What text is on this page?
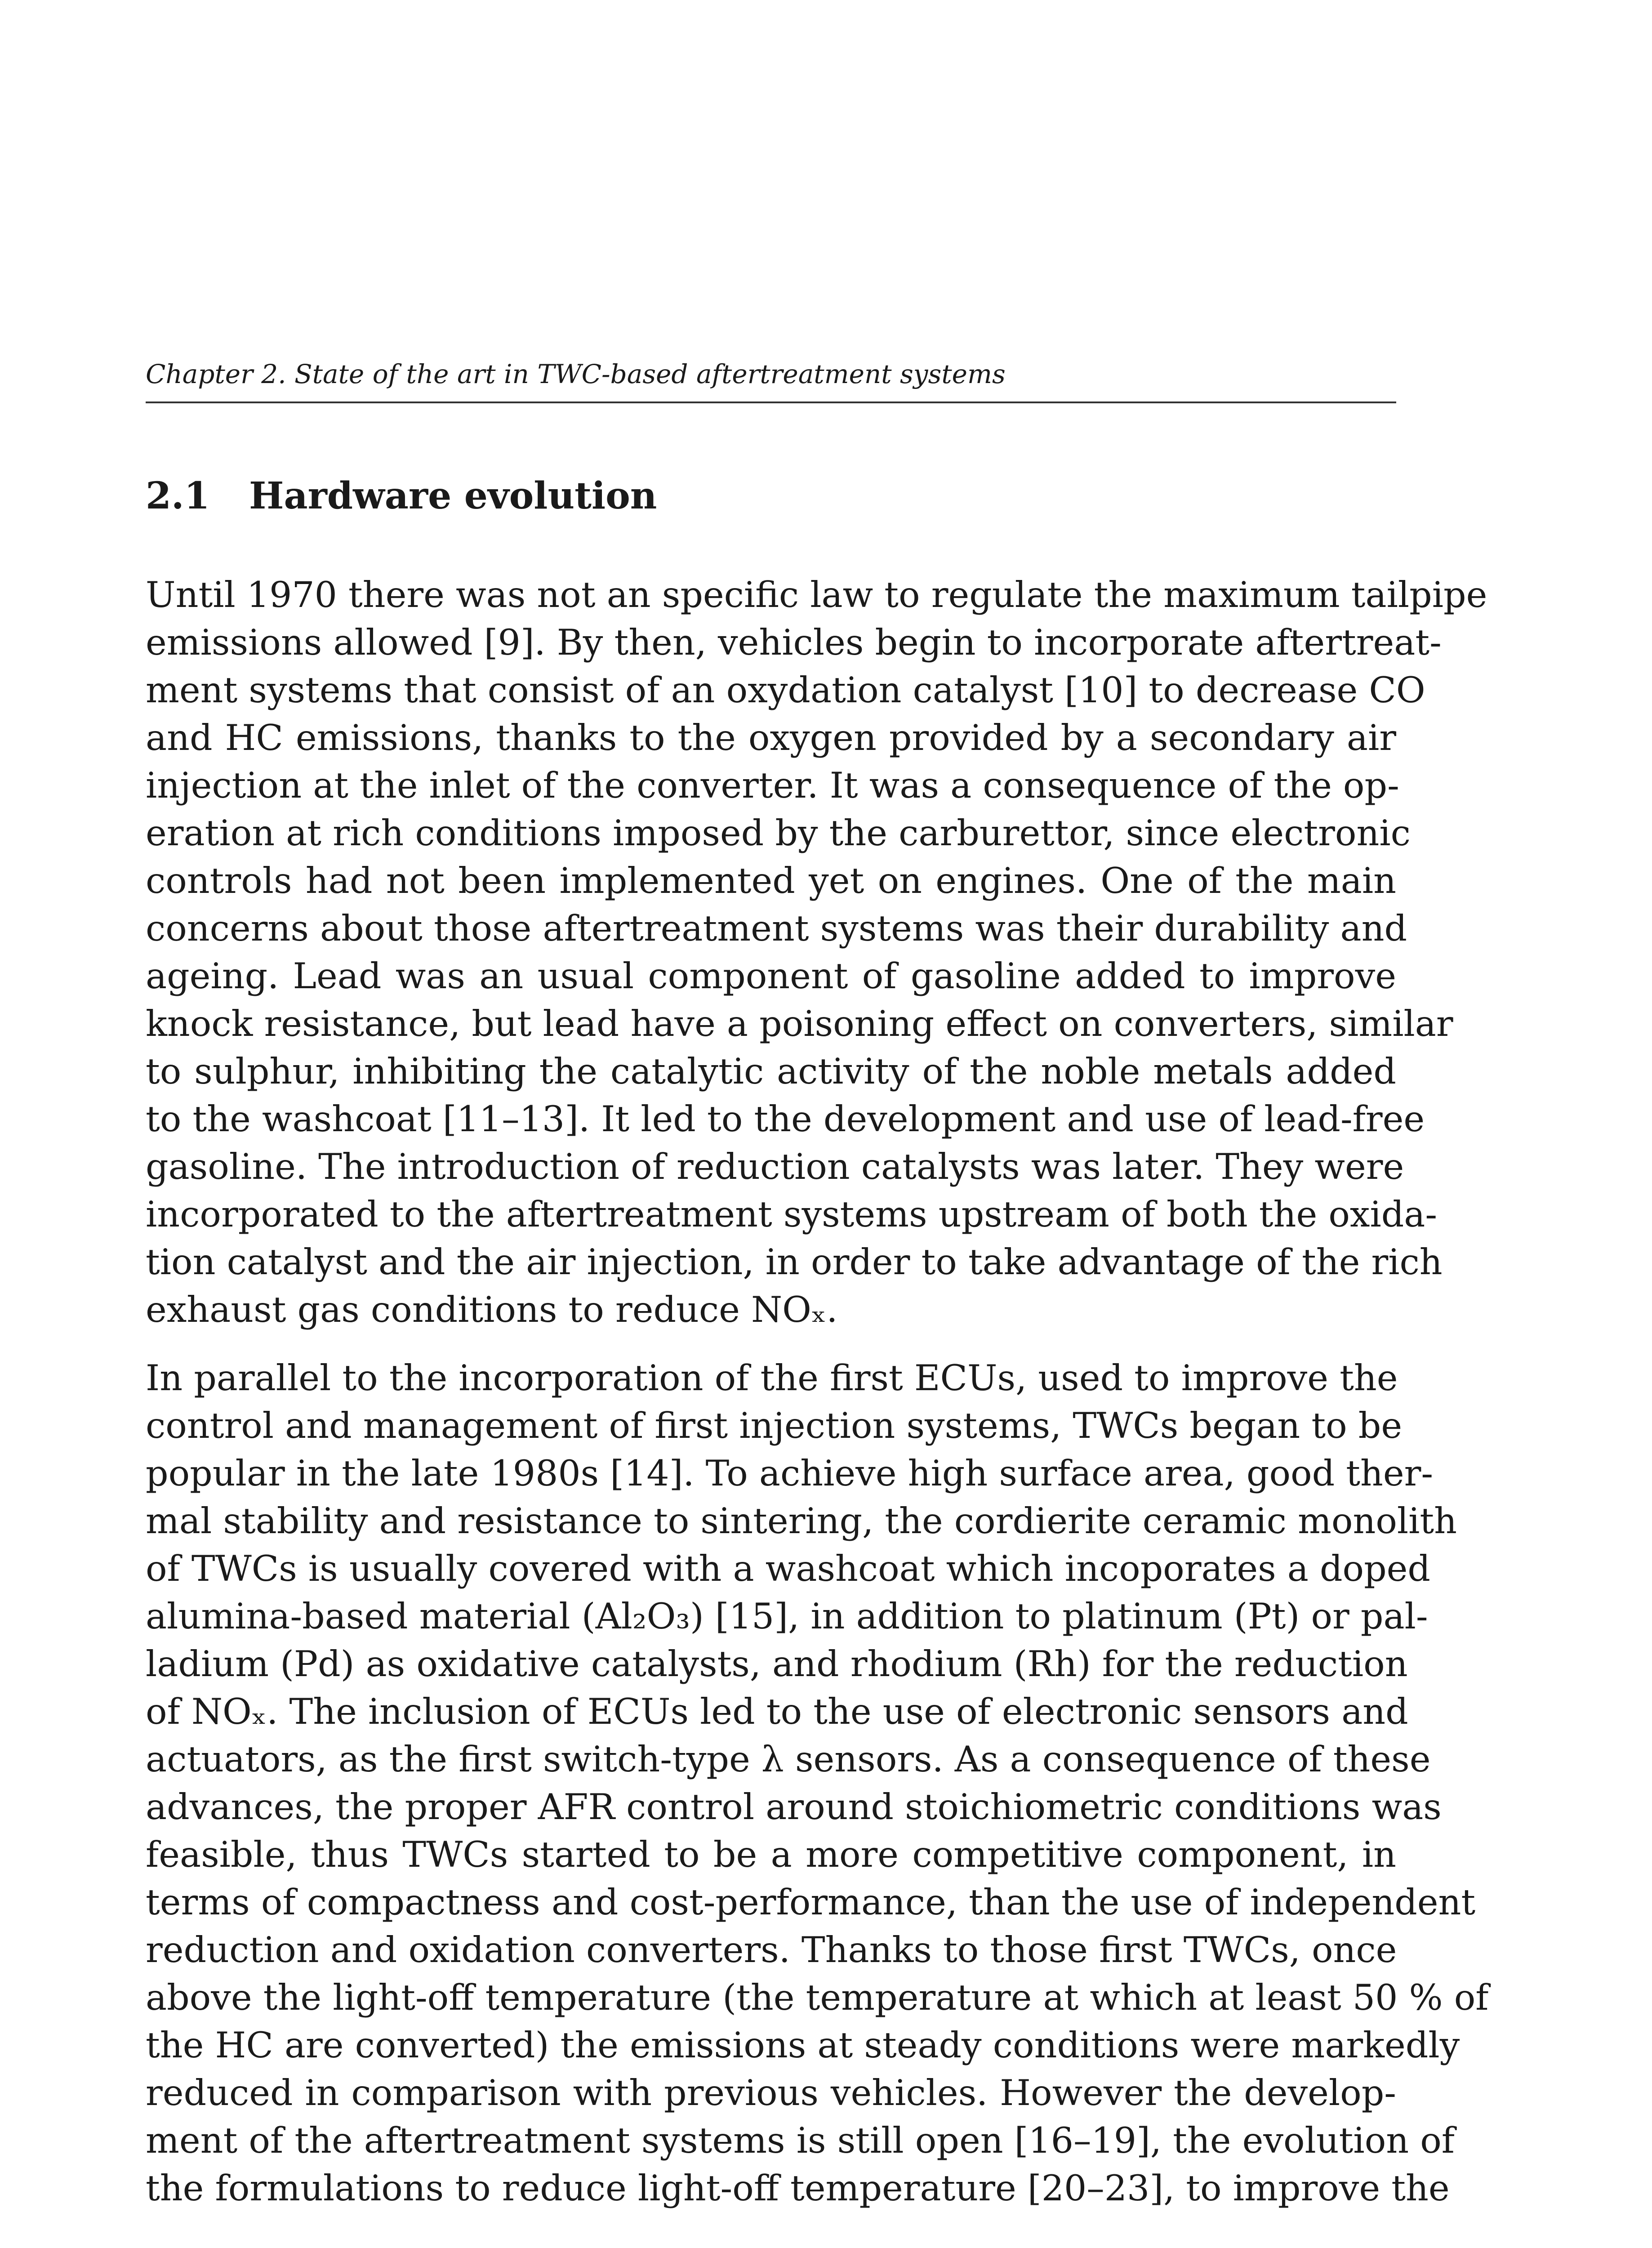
Chapter 2. State of the art in TWC-based aftertreatment systems
2.1 Hardware evolution
Until 1970 there was not an specific law to regulate the maximum tailpipe
emissions allowed [9]. By then, vehicles begin to incorporate aftertreat-
ment systems that consist of an oxydation catalyst [10] to decrease CO
and HC emissions, thanks to the oxygen provided by a secondary air
injection at the inlet of the converter. It was a consequence of the op-
eration at rich conditions imposed by the carburettor, since electronic
controls had not been implemented yet on engines. One of the main
concerns about those aftertreatment systems was their durability and
ageing. Lead was an usual component of gasoline added to improve
knock resistance, but lead have a poisoning effect on converters, similar
to sulphur, inhibiting the catalytic activity of the noble metals added
to the washcoat [11–13]. It led to the development and use of lead-free
gasoline. The introduction of reduction catalysts was later. They were
incorporated to the aftertreatment systems upstream of both the oxida-
tion catalyst and the air injection, in order to take advantage of the rich
exhaust gas conditions to reduce NOₓ.
In parallel to the incorporation of the first ECUs, used to improve the
control and management of first injection systems, TWCs began to be
popular in the late 1980s [14]. To achieve high surface area, good ther-
mal stability and resistance to sintering, the cordierite ceramic monolith
of TWCs is usually covered with a washcoat which incoporates a doped
alumina-based material (Al₂O₃) [15], in addition to platinum (Pt) or pal-
ladium (Pd) as oxidative catalysts, and rhodium (Rh) for the reduction
of NOₓ. The inclusion of ECUs led to the use of electronic sensors and
actuators, as the first switch-type λ sensors. As a consequence of these
advances, the proper AFR control around stoichiometric conditions was
feasible, thus TWCs started to be a more competitive component, in
terms of compactness and cost-performance, than the use of independent
reduction and oxidation converters. Thanks to those first TWCs, once
above the light-off temperature (the temperature at which at least 50 % of
the HC are converted) the emissions at steady conditions were markedly
reduced in comparison with previous vehicles. However the develop-
ment of the aftertreatment systems is still open [16–19], the evolution of
the formulations to reduce light-off temperature [20–23], to improve the
